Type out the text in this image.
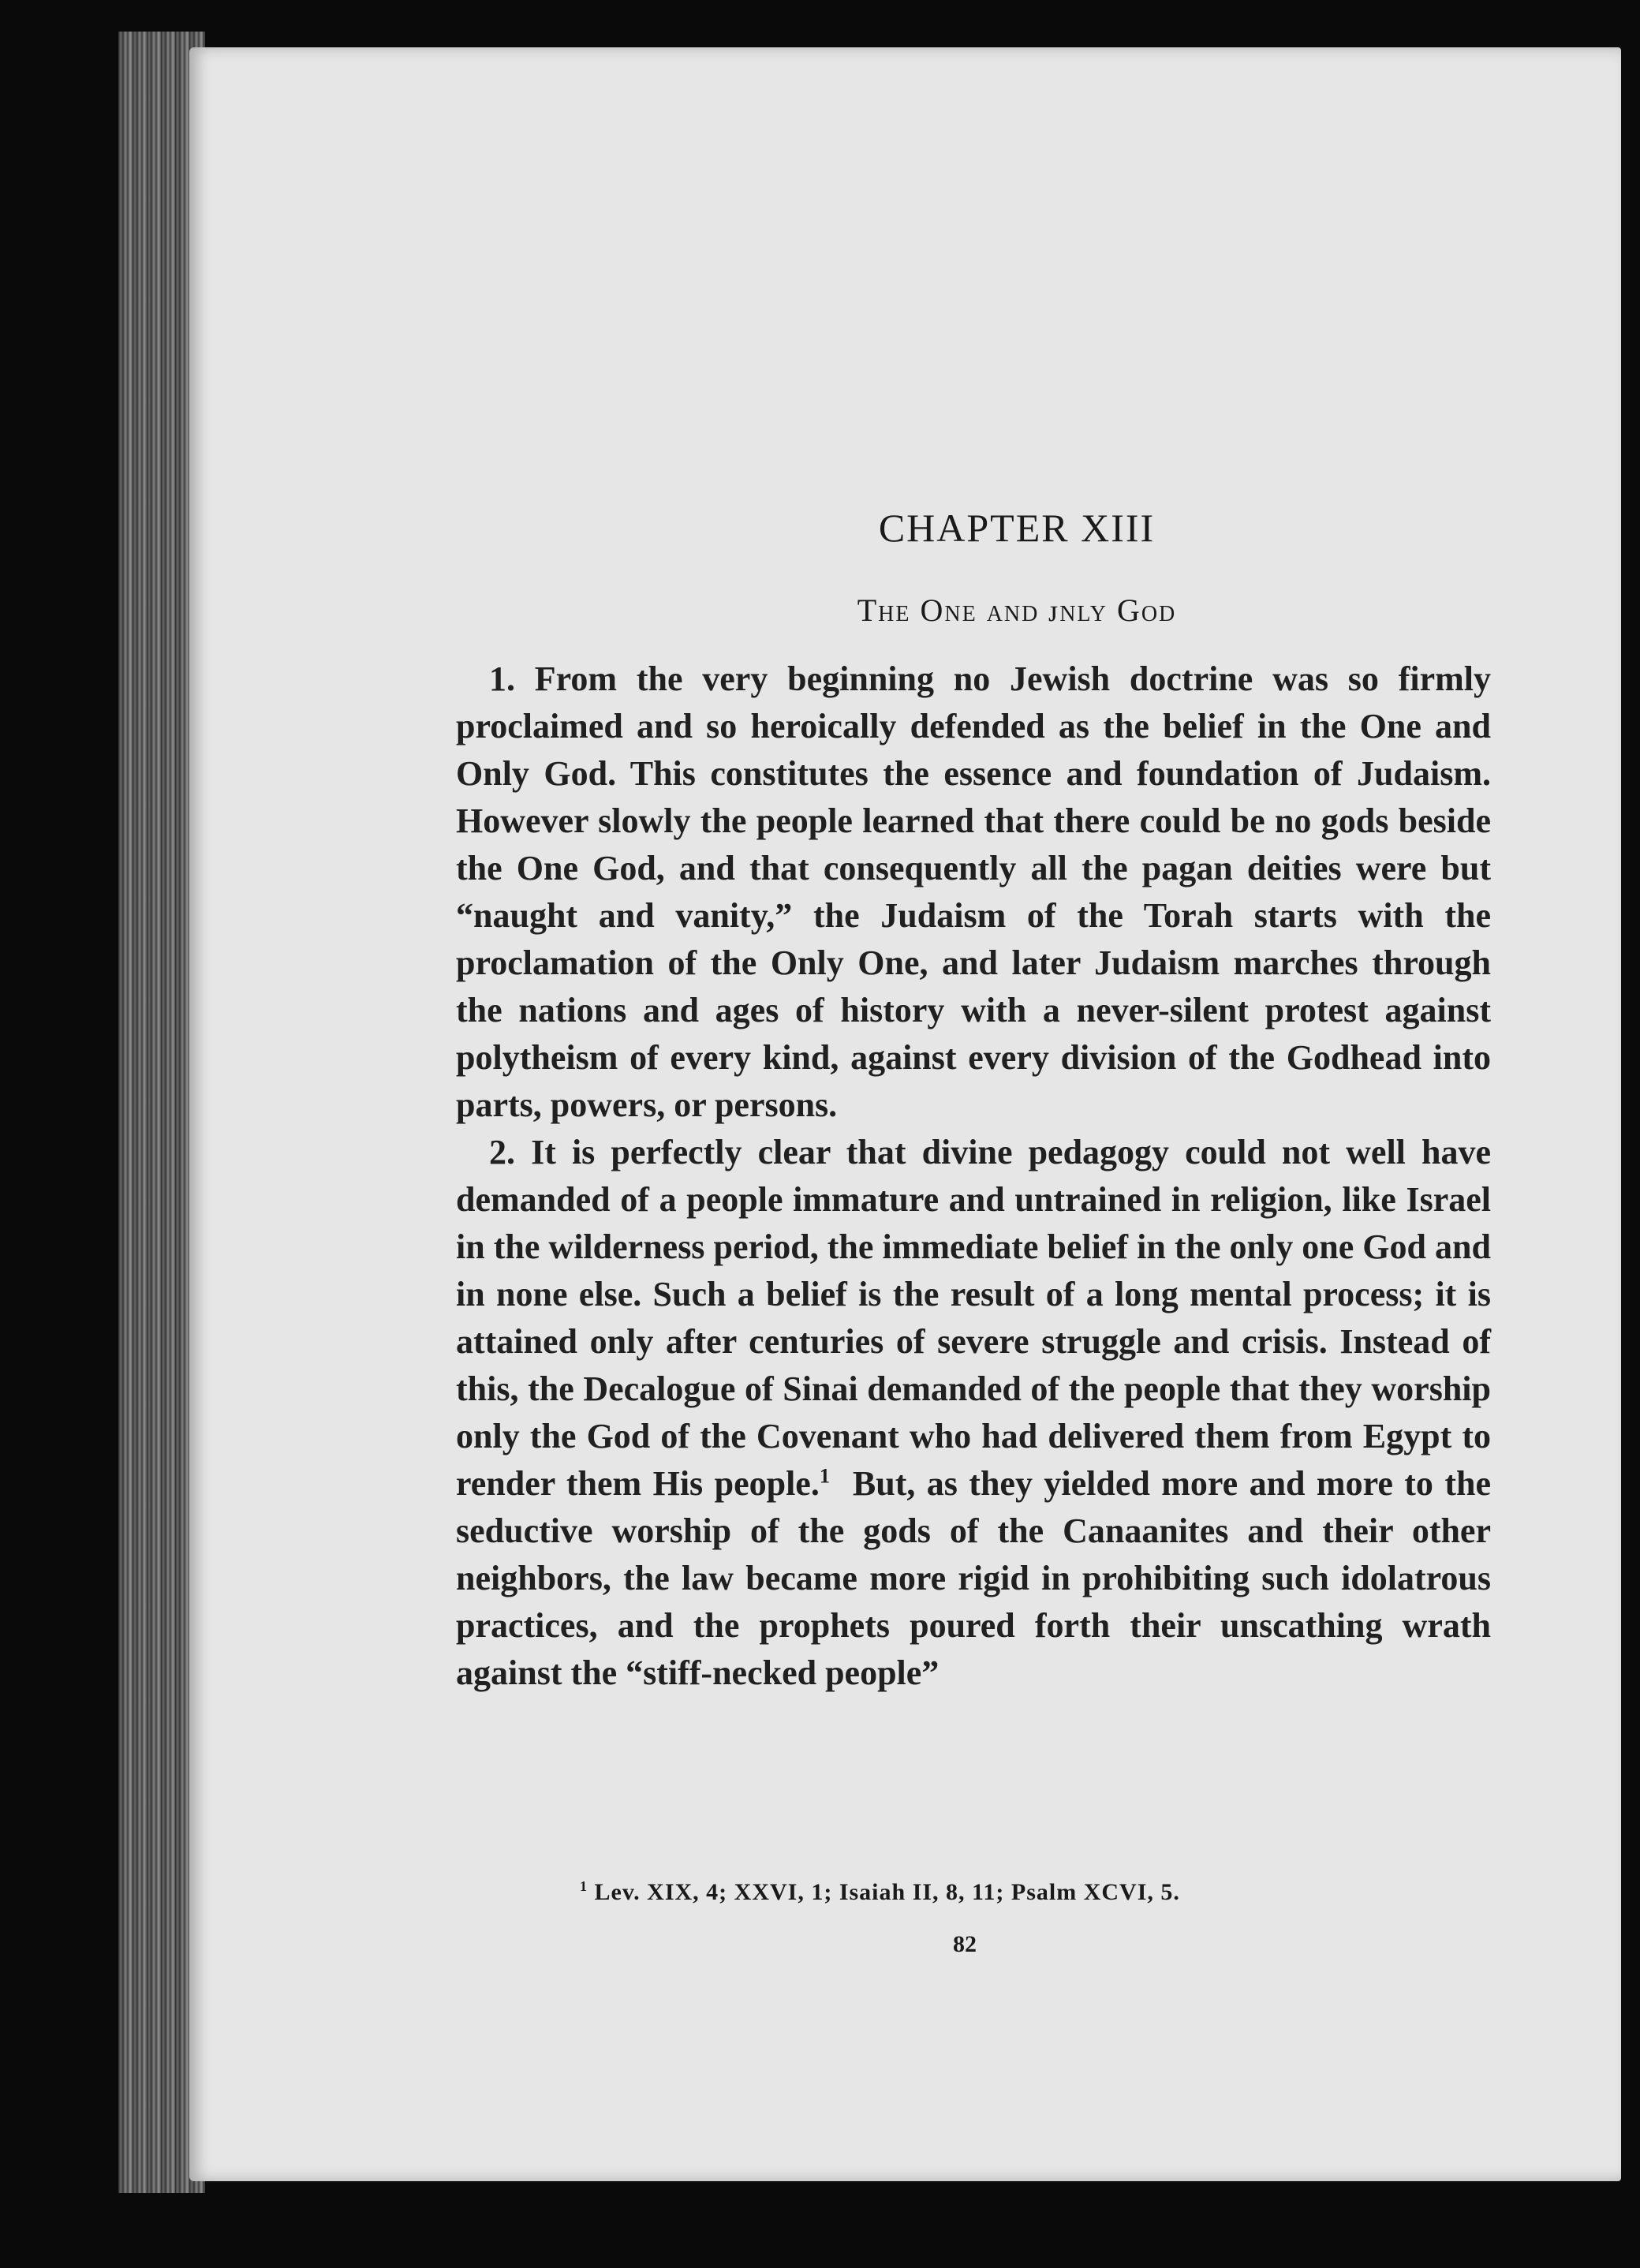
CHAPTER XIII
The One and ᴊnly God

1. From the very beginning no Jewish doctrine was so firmly proclaimed and so heroically defended as the belief in the One and Only God. This constitutes the essence and foundation of Judaism. However slowly the people learned that there could be no gods beside the One God, and that consequently all the pagan deities were but “naught and vanity,” the Judaism of the Torah starts with the proclamation of the Only One, and later Judaism marches through the nations and ages of history with a never-silent protest against polytheism of every kind, against every division of the Godhead into parts, powers, or persons.

2. It is perfectly clear that divine pedagogy could not well have demanded of a people immature and untrained in religion, like Israel in the wilderness period, the immediate belief in the only one God and in none else. Such a belief is the result of a long mental process; it is attained only after centuries of severe struggle and crisis. Instead of this, the Decalogue of Sinai demanded of the people that they worship only the God of the Covenant who had delivered them from Egypt to render them His people.$^1$ But, as they yielded more and more to the seductive worship of the gods of the Canaanites and their other neighbors, the law became more rigid in prohibiting such idolatrous practices, and the prophets poured forth their unscathing wrath against the “stiff-necked people”

$^1$ Lev. XIX, 4; XXVI, 1; Isaiah II, 8, 11; Psalm XCVI, 5.
82
